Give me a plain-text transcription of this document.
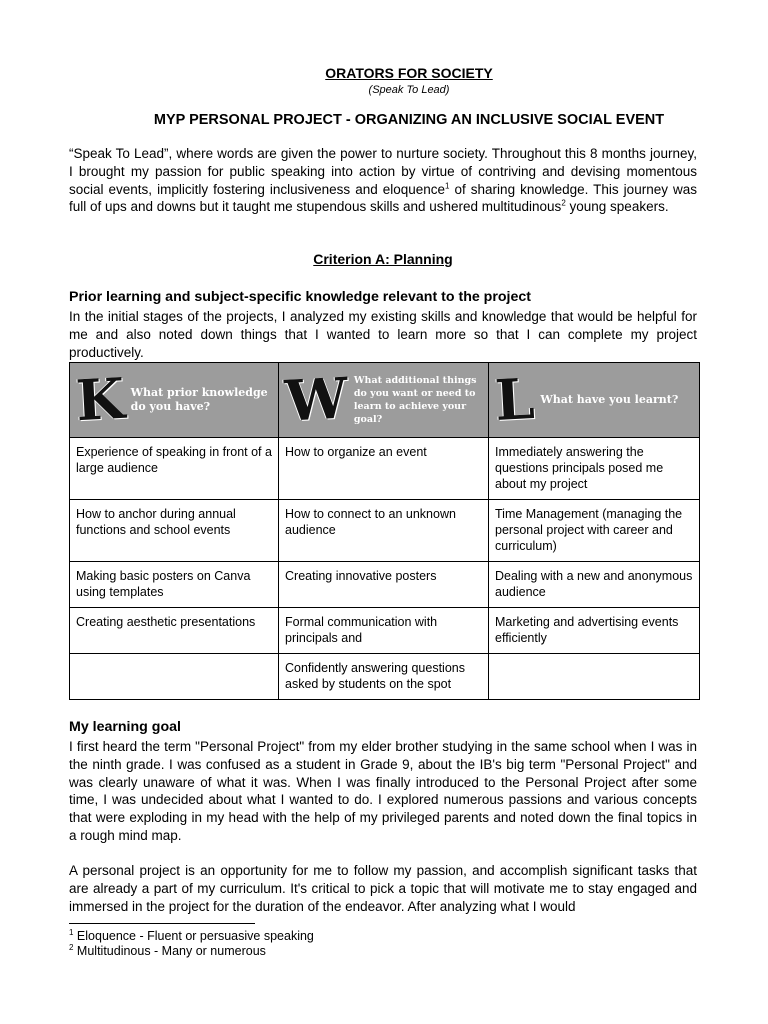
ORATORS FOR SOCIETY
(Speak To Lead)
MYP PERSONAL PROJECT - ORGANIZING AN INCLUSIVE SOCIAL EVENT

“Speak To Lead”, where words are given the power to nurture society. Throughout this 8 months journey, I brought my passion for public speaking into action by virtue of contriving and devising momentous social events, implicitly fostering inclusiveness and eloquence$^1$ of sharing knowledge. This journey was full of ups and downs but it taught me stupendous skills and ushered multitudinous$^2$ young speakers.

Criterion A: Planning
Prior learning and subject-specific knowledge relevant to the project

In the initial stages of the projects, I analyzed my existing skills and knowledge that would be helpful for me and also noted down things that I wanted to learn more so that I can complete my project productively.

K What prior knowledge do you have?	W What additional things do you want or need to learn to achieve your goal?	L What have you learnt?

Experience of speaking in front of a large audience	How to organize an event	Immediately answering the questions principals posed me about my project
How to anchor during annual functions and school events	How to connect to an unknown audience	Time Management (managing the personal project with career and curriculum)
Making basic posters on Canva using templates	Creating innovative posters	Dealing with a new and anonymous audience
Creating aesthetic presentations	Formal communication with principals and	Marketing and advertising events efficiently
	Confidently answering questions asked by students on the spot	
My learning goal

I first heard the term "Personal Project" from my elder brother studying in the same school when I was in the ninth grade. I was confused as a student in Grade 9, about the IB's big term "Personal Project" and was clearly unaware of what it was. When I was finally introduced to the Personal Project after some time, I was undecided about what I wanted to do. I explored numerous passions and various concepts that were exploding in my head with the help of my privileged parents and noted down the final topics in a rough mind map.

A personal project is an opportunity for me to follow my passion, and accomplish significant tasks that are already a part of my curriculum. It's critical to pick a topic that will motivate me to stay engaged and immersed in the project for the duration of the endeavor. After analyzing what I would

$^1$ Eloquence - Fluent or persuasive speaking
$^2$ Multitudinous - Many or numerous
